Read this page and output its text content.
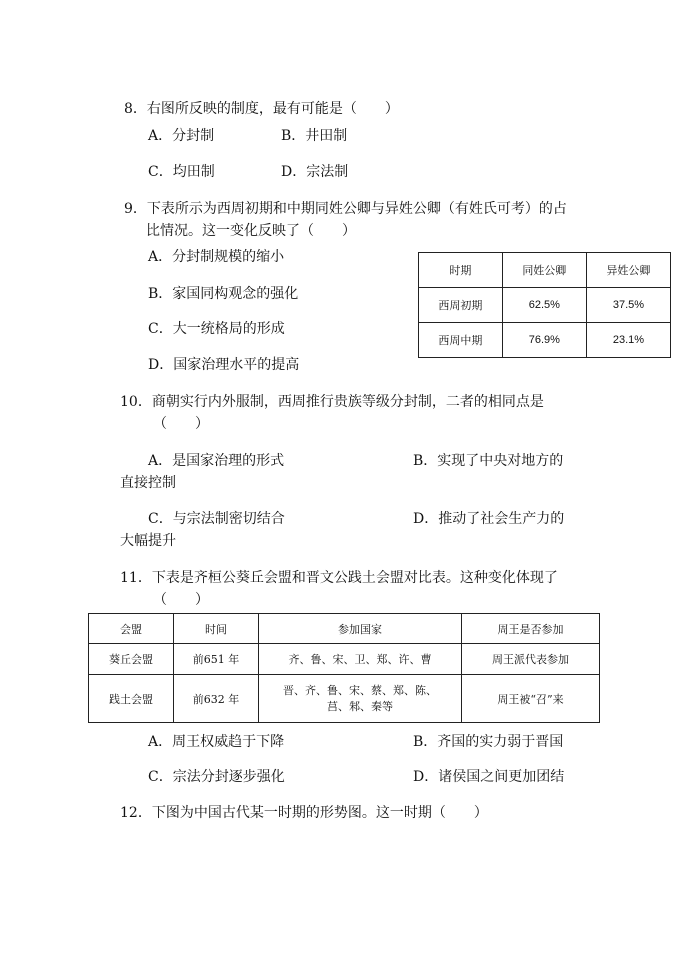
8．右图所反映的制度，最有可能是（　　）
A．分封制	B．井田制
C．均田制	D．宗法制
9．下表所示为西周初期和中期同姓公卿与异姓公卿（有姓氏可考）的占
比情况。这一变化反映了（　　）
A．分封制规模的缩小
B．家国同构观念的强化
C．大一统格局的形成
D．国家治理水平的提高
时期	同姓公卿	异姓公卿
西周初期	62.5%	37.5%
西周中期	76.9%	23.1%
10．商朝实行内外服制，西周推行贵族等级分封制，二者的相同点是
（　　）
A．是国家治理的形式	B．实现了中央对地方的
直接控制
C．与宗法制密切结合	D．推动了社会生产力的
大幅提升
11．下表是齐桓公葵丘会盟和晋文公践土会盟对比表。这种变化体现了
（　　）
会盟	时间	参加国家	周王是否参加
葵丘会盟	前651 年	齐、鲁、宋、卫、郑、许、曹	周王派代表参加
践土会盟	前632 年	晋、齐、鲁、宋、蔡、郑、陈、莒、邾、秦等	周王被“召”来
A．周王权威趋于下降	B．齐国的实力弱于晋国
C．宗法分封逐步强化	D．诸侯国之间更加团结
12．下图为中国古代某一时期的形势图。这一时期（　　）
